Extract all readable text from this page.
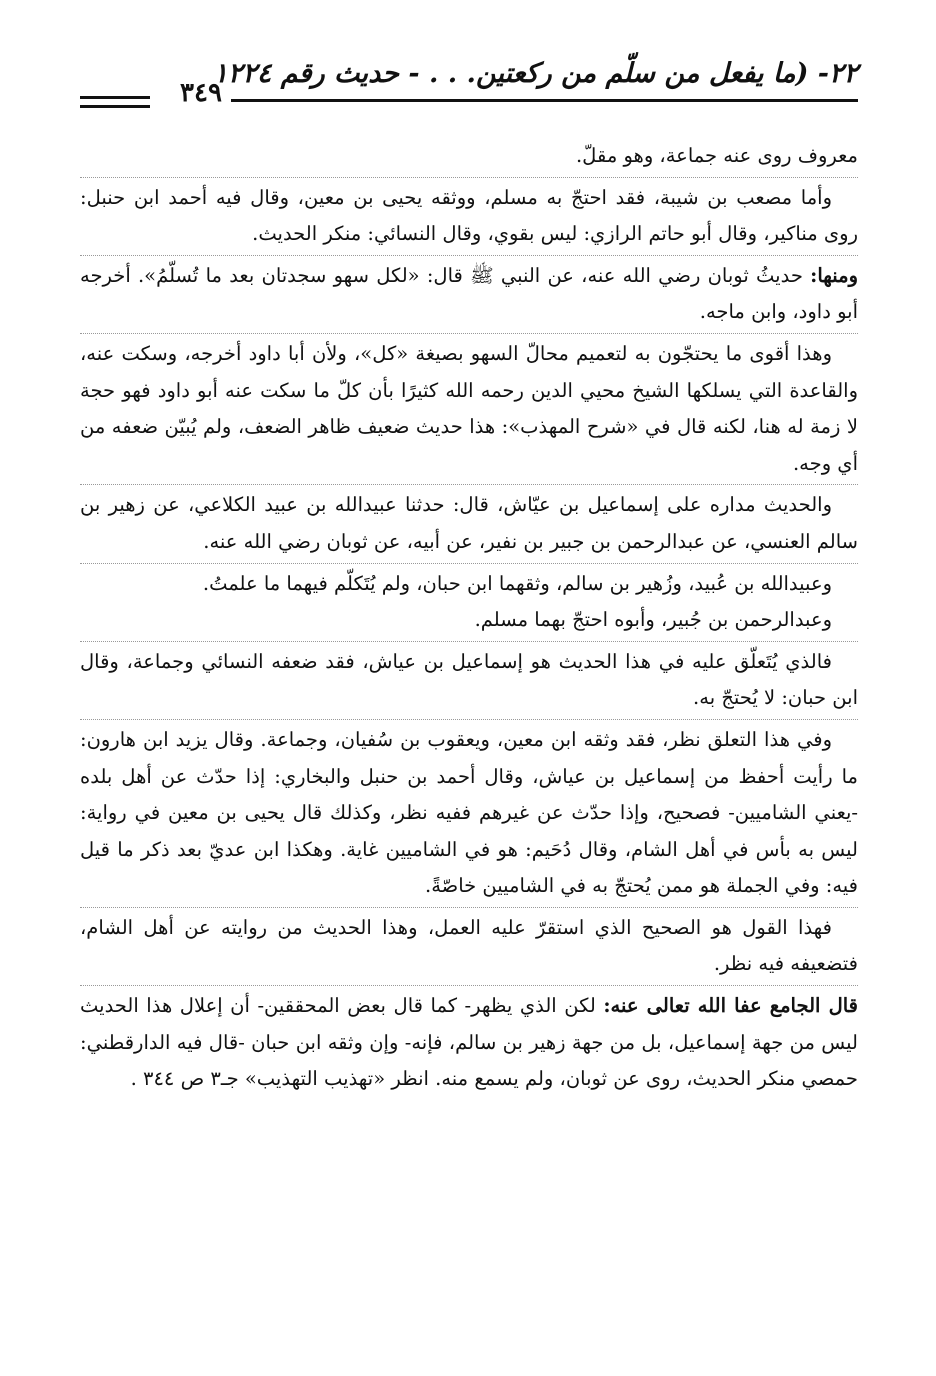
٢٢- (ما يفعل من سلّم من ركعتين. . . - حديث رقم ١٢٢٤
٣٤٩

معروف روى عنه جماعة، وهو مقلّ.

وأما مصعب بن شيبة، فقد احتجّ به مسلم، ووثقه يحيى بن معين، وقال فيه أحمد ابن حنبل: روى مناكير، وقال أبو حاتم الرازي: ليس بقوي، وقال النسائي: منكر الحديث.

ومنها: حديثُ ثوبان رضي الله عنه، عن النبي ﷺ قال: «لكل سهو سجدتان بعد ما تُسلّمُ». أخرجه أبو داود، وابن ماجه.

وهذا أقوى ما يحتجّون به لتعميم محالّ السهو بصيغة «كل»، ولأن أبا داود أخرجه، وسكت عنه، والقاعدة التي يسلكها الشيخ محيي الدين رحمه الله كثيرًا بأن كلّ ما سكت عنه أبو داود فهو حجة لا زمة له هنا، لكنه قال في «شرح المهذب»: هذا حديث ضعيف ظاهر الضعف، ولم يُبيّن ضعفه من أي وجه.

والحديث مداره على إسماعيل بن عيّاش، قال: حدثنا عبيدالله بن عبيد الكلاعي، عن زهير بن سالم العنسي، عن عبدالرحمن بن جبير بن نفير، عن أبيه، عن ثوبان رضي الله عنه.

وعبيدالله بن عُبيد، وزُهير بن سالم، وثقهما ابن حبان، ولم يُتَكلّم فيهما ما علمتُ.

وعبدالرحمن بن جُبير، وأبوه احتجّ بهما مسلم.

فالذي يُتَعلّق عليه في هذا الحديث هو إسماعيل بن عياش، فقد ضعفه النسائي وجماعة، وقال ابن حبان: لا يُحتجّ به.

وفي هذا التعلق نظر، فقد وثقه ابن معين، ويعقوب بن سُفيان، وجماعة. وقال يزيد ابن هارون: ما رأيت أحفظ من إسماعيل بن عياش، وقال أحمد بن حنبل والبخاري: إذا حدّث عن أهل بلده -يعني الشاميين- فصحيح، وإذا حدّث عن غيرهم ففيه نظر، وكذلك قال يحيى بن معين في رواية: ليس به بأس في أهل الشام، وقال دُحَيم: هو في الشاميين غاية. وهكذا ابن عديّ بعد ذكر ما قيل فيه: وفي الجملة هو ممن يُحتجّ به في الشاميين خاصّةً.

فهذا القول هو الصحيح الذي استقرّ عليه العمل، وهذا الحديث من روايته عن أهل الشام، فتضعيفه فيه نظر.

قال الجامع عفا الله تعالى عنه: لكن الذي يظهر- كما قال بعض المحققين- أن إعلال هذا الحديث ليس من جهة إسماعيل، بل من جهة زهير بن سالم، فإنه- وإن وثقه ابن حبان -قال فيه الدارقطني: حمصي منكر الحديث، روى عن ثوبان، ولم يسمع منه. انظر «تهذيب التهذيب» جـ٣ ص ٣٤٤ .
